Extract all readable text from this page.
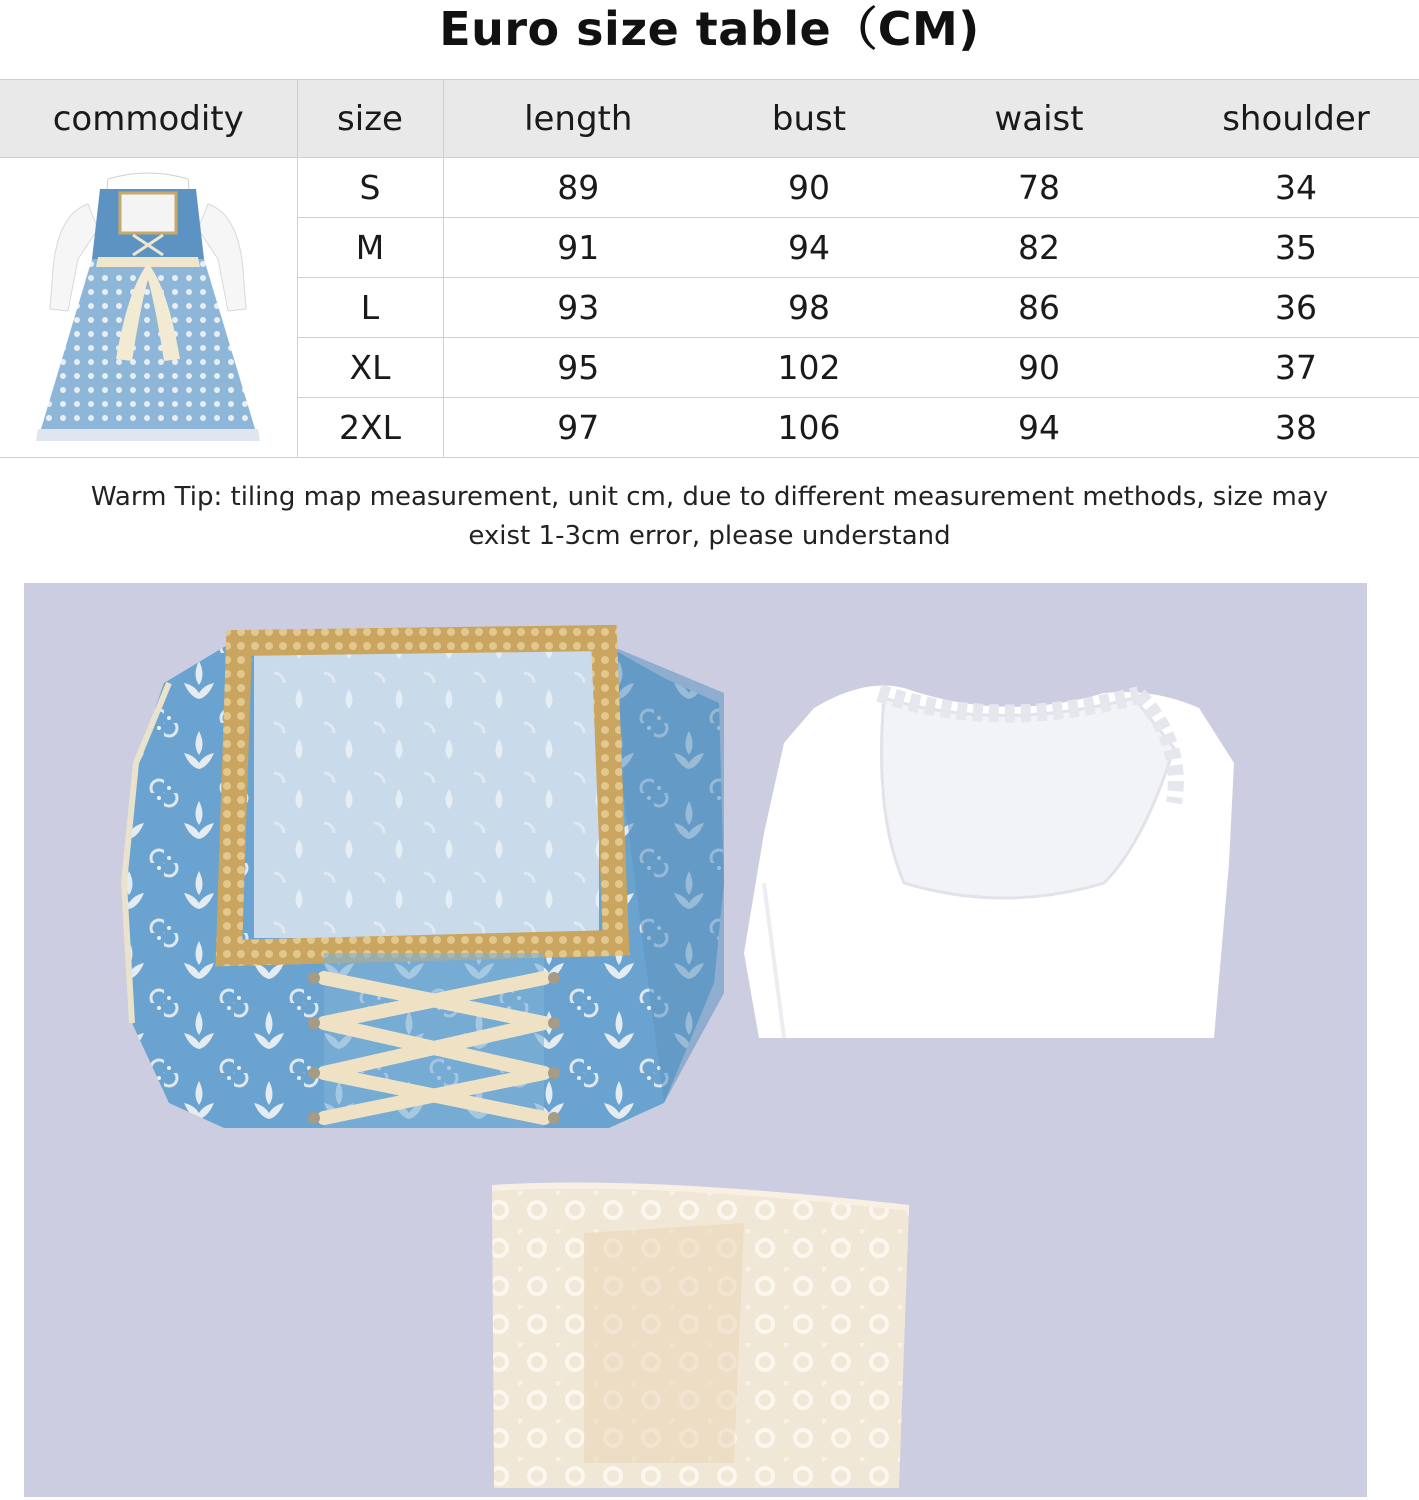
Euro size table（CM)
commodity	size	length	bust	waist	shoulder
	S	89	90	78	34
	M	91	94	82	35
	L	93	98	86	36
	XL	95	102	90	37
	2XL	97	106	94	38
Warm Tip: tiling map measurement, unit cm, due to different measurement methods, size may
exist 1-3cm error, please understand
